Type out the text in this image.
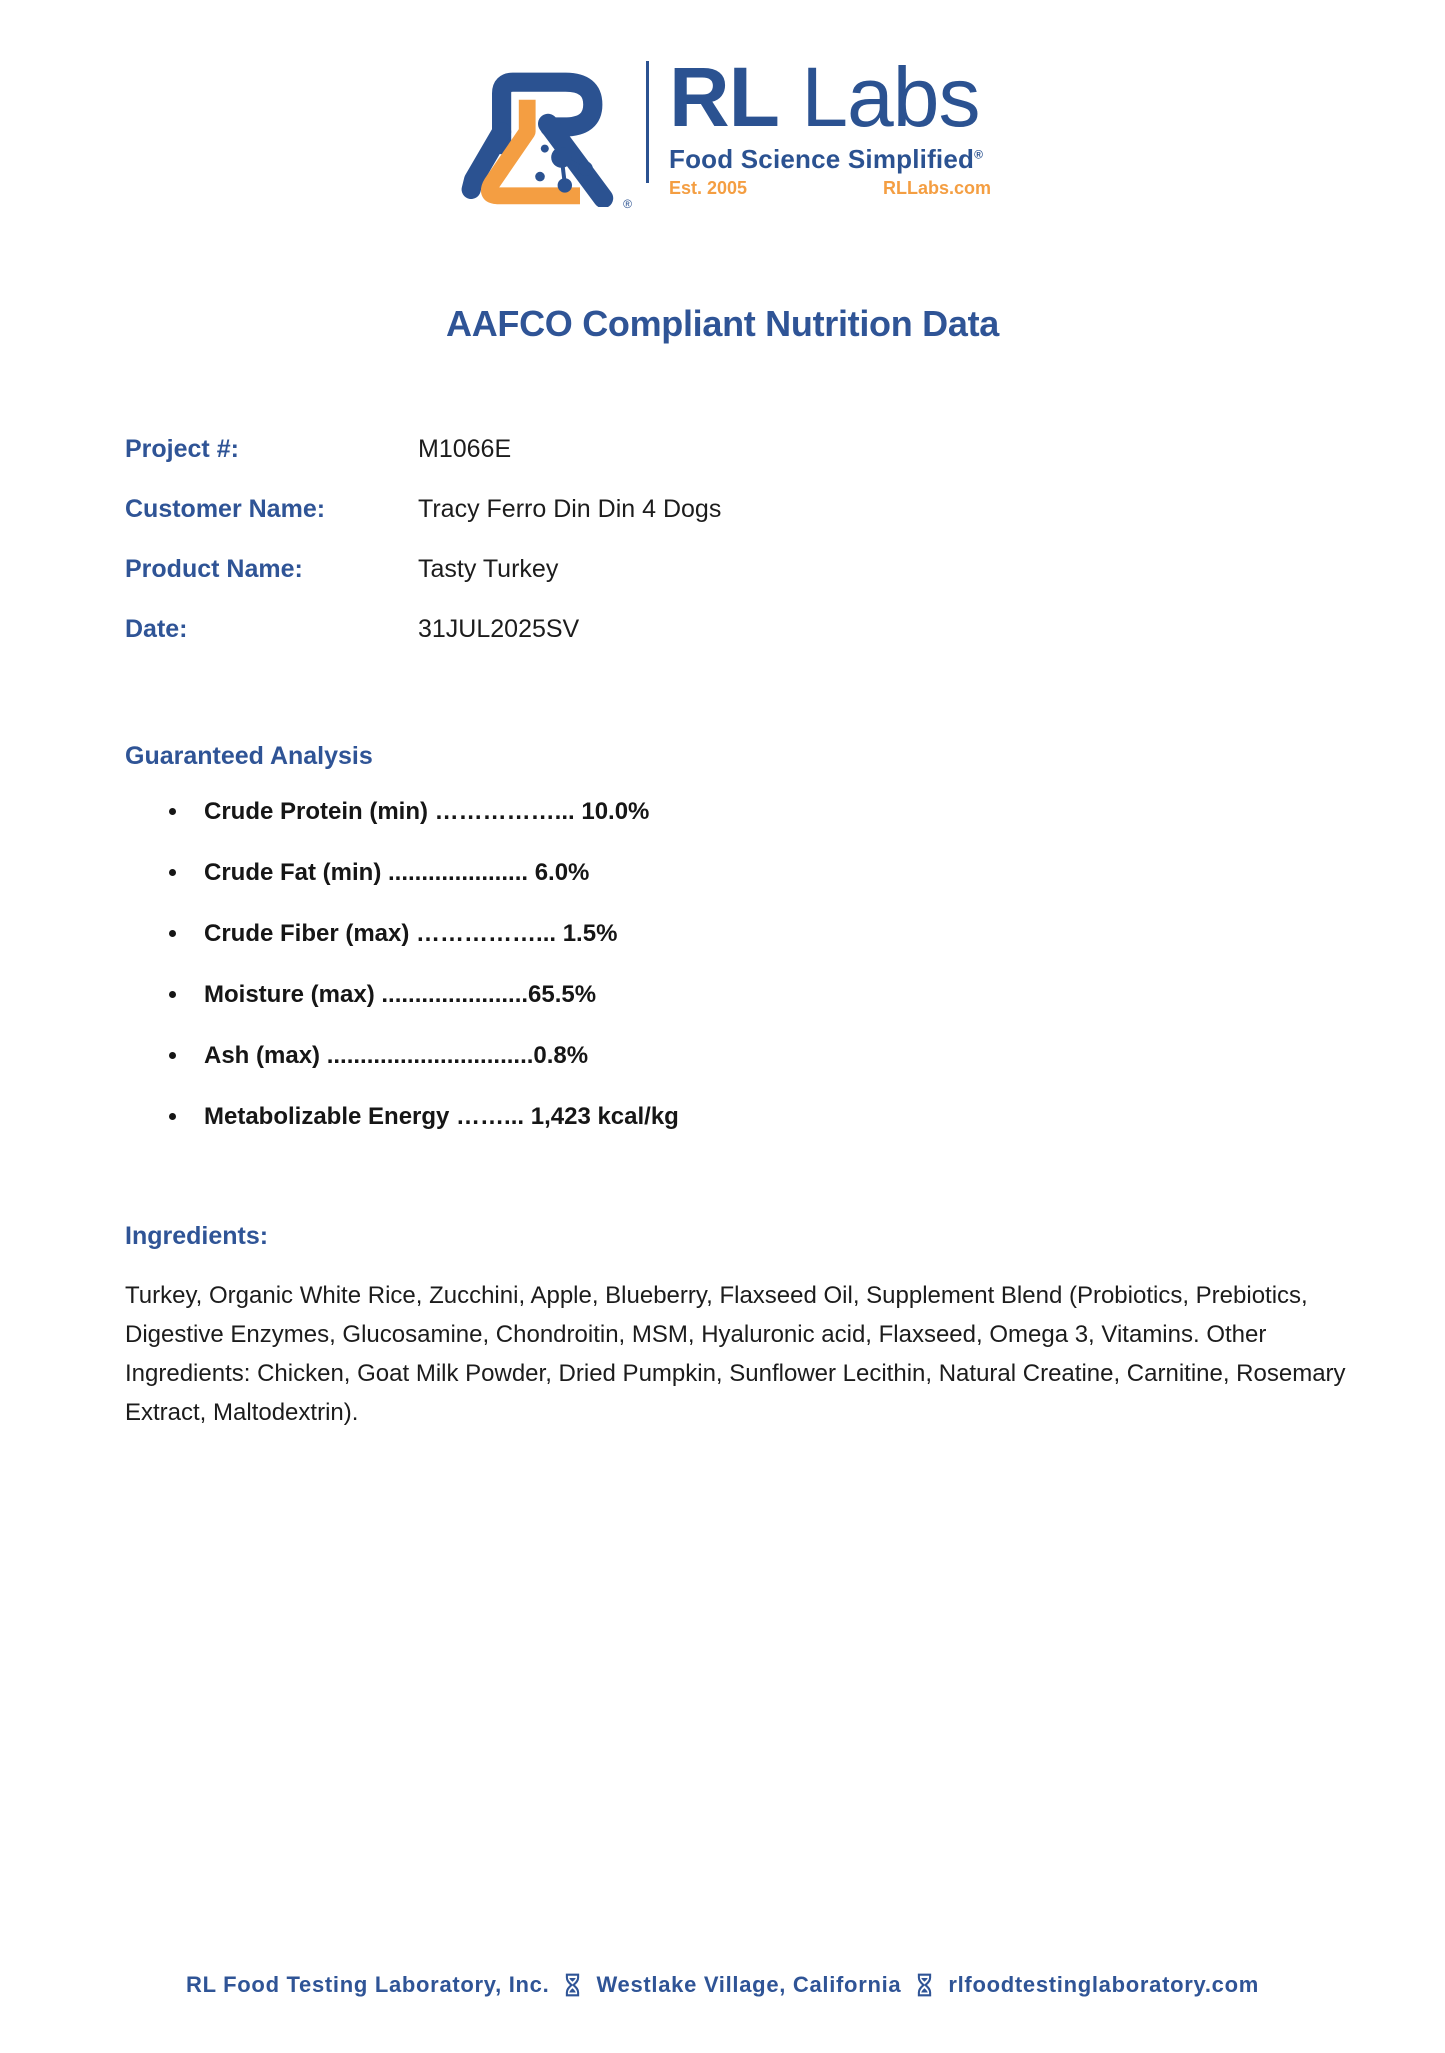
®
RL Labs
Food Science Simplified®
Est. 2005	RLLabs.com
AAFCO Compliant Nutrition Data
Project #:	M1066E
Customer Name:	Tracy Ferro Din Din 4 Dogs
Product Name:	Tasty Turkey
Date:	31JUL2025SV
Guaranteed Analysis
• Crude Protein (min) ……………... 10.0%
• Crude Fat (min) ..................... 6.0%
• Crude Fiber (max) ……………... 1.5%
• Moisture (max) ......................65.5%
• Ash (max) ...............................0.8%
• Metabolizable Energy ……... 1,423 kcal/kg
Ingredients:
Turkey, Organic White Rice, Zucchini, Apple, Blueberry, Flaxseed Oil, Supplement Blend (Probiotics, Prebiotics, Digestive Enzymes, Glucosamine, Chondroitin, MSM, Hyaluronic acid, Flaxseed, Omega 3, Vitamins. Other Ingredients: Chicken, Goat Milk Powder, Dried Pumpkin, Sunflower Lecithin, Natural Creatine, Carnitine, Rosemary Extract, Maltodextrin).
RL Food Testing Laboratory, Inc. Westlake Village, California rlfoodtestinglaboratory.com
